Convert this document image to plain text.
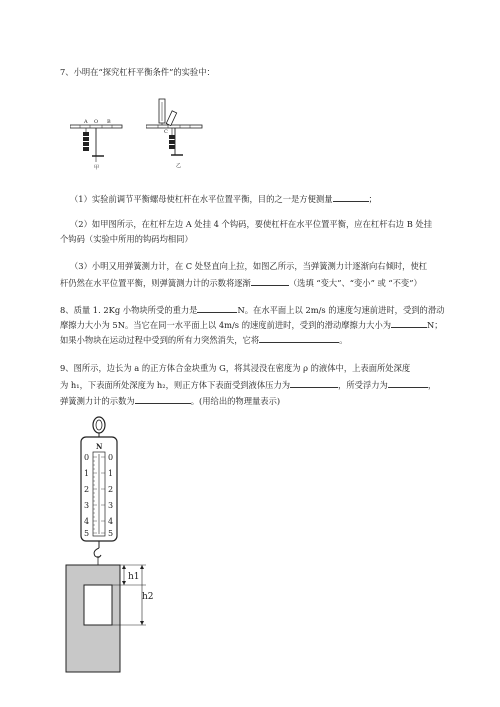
7、小明在“探究杠杆平衡条件”的实验中：
A O B
甲
C
乙
（1）实验前调节平衡螺母使杠杆在水平位置平衡，目的之一是方便测量	；
（2）如甲图所示，在杠杆左边 A 处挂 4 个钩码，要使杠杆在水平位置平衡，应在杠杆右边 B 处挂
个钩码（实验中所用的钩码均相同）
（3）小明又用弹簧测力计，在 C 处竖直向上拉，如图乙所示，当弹簧测力计逐渐向右倾时，使杠
杆仍然在水平位置平衡，则弹簧测力计的示数将逐渐	（选填 “变大”、“变小” 或 “不变”）
8、质量 1. 2Kg 小物块所受的重力是	N。在水平面上以 2m/s 的速度匀速前进时，受到的滑动
摩擦力大小为 5N。当它在同一水平面上以 4m/s 的速度前进时，受到的滑动摩擦力大小为	N；
如果小物块在运动过程中受到的所有力突然消失，它将	。
9、图所示，边长为 a 的正方体合金块重为 G，将其浸没在密度为 ρ 的液体中，上表面所处深度
为 h₁，下表面所处深度为 h₂，则正方体下表面受到液体压力为	，所受浮力为	，
弹簧测力计的示数为	。(用给出的物理量表示)
N
0
1
2
3
4
5
0
1
2
3
4
5
h1
h2
